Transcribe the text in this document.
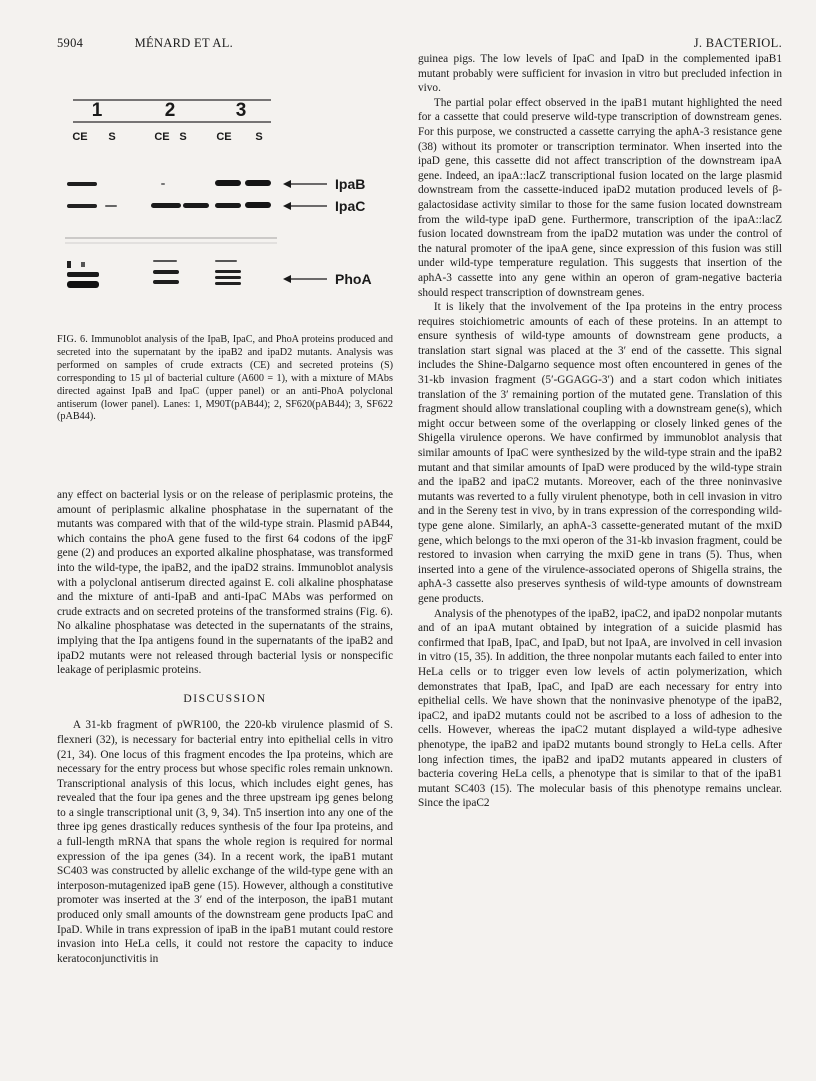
5904	MÉNARD ET AL.	J. BACTERIOL.
1	2	3
CE S	CE S	CE S
IpaB
IpaC
PhoA
FIG. 6. Immunoblot analysis of the IpaB, IpaC, and PhoA proteins produced and secreted into the supernatant by the ipaB2 and ipaD2 mutants. Analysis was performed on samples of crude extracts (CE) and secreted proteins (S) corresponding to 15 µl of bacterial culture (A600 = 1), with a mixture of MAbs directed against IpaB and IpaC (upper panel) or an anti-PhoA polyclonal antiserum (lower panel). Lanes: 1, M90T(pAB44); 2, SF620(pAB44); 3, SF622 (pAB44).

any effect on bacterial lysis or on the release of periplasmic proteins, the amount of periplasmic alkaline phosphatase in the supernatant of the mutants was compared with that of the wild-type strain. Plasmid pAB44, which contains the phoA gene fused to the first 64 codons of the ipgF gene (2) and produces an exported alkaline phosphatase, was transformed into the wild-type, the ipaB2, and the ipaD2 strains. Immunoblot analysis with a polyclonal antiserum directed against E. coli alkaline phosphatase and the mixture of anti-IpaB and anti-IpaC MAbs was performed on crude extracts and on secreted proteins of the transformed strains (Fig. 6). No alkaline phosphatase was detected in the supernatants of the strains, implying that the Ipa antigens found in the supernatants of the ipaB2 and ipaD2 mutants were not released through bacterial lysis or nonspecific leakage of periplasmic proteins.

DISCUSSION

A 31-kb fragment of pWR100, the 220-kb virulence plasmid of S. flexneri (32), is necessary for bacterial entry into epithelial cells in vitro (21, 34). One locus of this fragment encodes the Ipa proteins, which are necessary for the entry process but whose specific roles remain unknown. Transcriptional analysis of this locus, which includes eight genes, has revealed that the four ipa genes and the three upstream ipg genes belong to a single transcriptional unit (3, 9, 34). Tn5 insertion into any one of the three ipg genes drastically reduces synthesis of the four Ipa proteins, and a full-length mRNA that spans the whole region is required for normal expression of the ipa genes (34). In a recent work, the ipaB1 mutant SC403 was constructed by allelic exchange of the wild-type gene with an interposon-mutagenized ipaB gene (15). However, although a constitutive promoter was inserted at the 3′ end of the interposon, the ipaB1 mutant produced only small amounts of the downstream gene products IpaC and IpaD. While in trans expression of ipaB in the ipaB1 mutant could restore invasion into HeLa cells, it could not restore the capacity to induce keratoconjunctivitis in

guinea pigs. The low levels of IpaC and IpaD in the complemented ipaB1 mutant probably were sufficient for invasion in vitro but precluded infection in vivo.

The partial polar effect observed in the ipaB1 mutant highlighted the need for a cassette that could preserve wild-type transcription of downstream genes. For this purpose, we constructed a cassette carrying the aphA-3 resistance gene (38) without its promoter or transcription terminator. When inserted into the ipaD gene, this cassette did not affect transcription of the downstream ipaA gene. Indeed, an ipaA::lacZ transcriptional fusion located on the large plasmid downstream from the cassette-induced ipaD2 mutation produced levels of β-galactosidase activity similar to those for the same fusion located downstream from the wild-type ipaD gene. Furthermore, transcription of the ipaA::lacZ fusion located downstream from the ipaD2 mutation was under the control of the natural promoter of the ipaA gene, since expression of this fusion was still under wild-type temperature regulation. This suggests that insertion of the aphA-3 cassette into any gene within an operon of gram-negative bacteria should respect transcription of downstream genes.

It is likely that the involvement of the Ipa proteins in the entry process requires stoichiometric amounts of each of these proteins. In an attempt to ensure synthesis of wild-type amounts of downstream gene products, a translation start signal was placed at the 3′ end of the cassette. This signal includes the Shine-Dalgarno sequence most often encountered in genes of the 31-kb invasion fragment (5′-GGAGG-3′) and a start codon which initiates translation of the 3′ remaining portion of the mutated gene. Translation of this fragment should allow translational coupling with a downstream gene(s), which might occur between some of the overlapping or closely linked genes of the Shigella virulence operons. We have confirmed by immunoblot analysis that similar amounts of IpaC were synthesized by the wild-type strain and the ipaB2 mutant and that similar amounts of IpaD were produced by the wild-type strain and the ipaB2 and ipaC2 mutants. Moreover, each of the three noninvasive mutants was reverted to a fully virulent phenotype, both in cell invasion in vitro and in the Sereny test in vivo, by in trans expression of the corresponding wild-type gene alone. Similarly, an aphA-3 cassette-generated mutant of the mxiD gene, which belongs to the mxi operon of the 31-kb invasion fragment, could be restored to invasion when carrying the mxiD gene in trans (5). Thus, when inserted into a gene of the virulence-associated operons of Shigella strains, the aphA-3 cassette also preserves synthesis of wild-type amounts of downstream gene products.

Analysis of the phenotypes of the ipaB2, ipaC2, and ipaD2 nonpolar mutants and of an ipaA mutant obtained by integration of a suicide plasmid has confirmed that IpaB, IpaC, and IpaD, but not IpaA, are involved in cell invasion in vitro (15, 35). In addition, the three nonpolar mutants each failed to enter into HeLa cells or to trigger even low levels of actin polymerization, which demonstrates that IpaB, IpaC, and IpaD are each necessary for entry into epithelial cells. We have shown that the noninvasive phenotype of the ipaB2, ipaC2, and ipaD2 mutants could not be ascribed to a loss of adhesion to the cells. However, whereas the ipaC2 mutant displayed a wild-type adhesive phenotype, the ipaB2 and ipaD2 mutants bound strongly to HeLa cells. After long infection times, the ipaB2 and ipaD2 mutants appeared in clusters of bacteria covering HeLa cells, a phenotype that is similar to that of the ipaB1 mutant SC403 (15). The molecular basis of this phenotype remains unclear. Since the ipaC2
